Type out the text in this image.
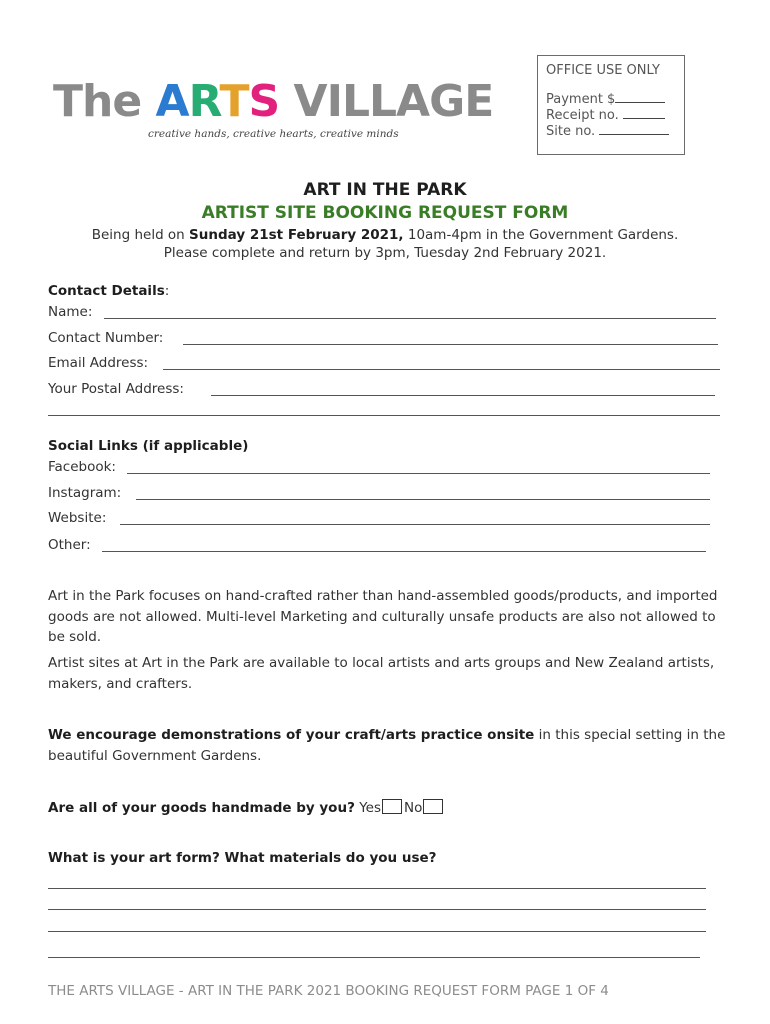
The ARTS VILLAGE
creative hands, creative hearts, creative minds
OFFICE USE ONLY
Payment $
Receipt no.
Site no.
ART IN THE PARK
ARTIST SITE BOOKING REQUEST FORM
Being held on Sunday 21st February 2021, 10am-4pm in the Government Gardens.
Please complete and return by 3pm, Tuesday 2nd February 2021.
Contact Details:
Name:
Contact Number:
Email Address:
Your Postal Address:
Social Links (if applicable)
Facebook:
Instagram:
Website:
Other:
Art in the Park focuses on hand-crafted rather than hand-assembled goods/products, and imported goods are not allowed. Multi-level Marketing and culturally unsafe products are also not allowed to be sold.
Artist sites at Art in the Park are available to local artists and arts groups and New Zealand artists, makers, and crafters.
We encourage demonstrations of your craft/arts practice onsite in this special setting in the beautiful Government Gardens.
Are all of your goods handmade by you? Yes No
What is your art form? What materials do you use?
THE ARTS VILLAGE - ART IN THE PARK 2021 BOOKING REQUEST FORM PAGE 1 OF 4
